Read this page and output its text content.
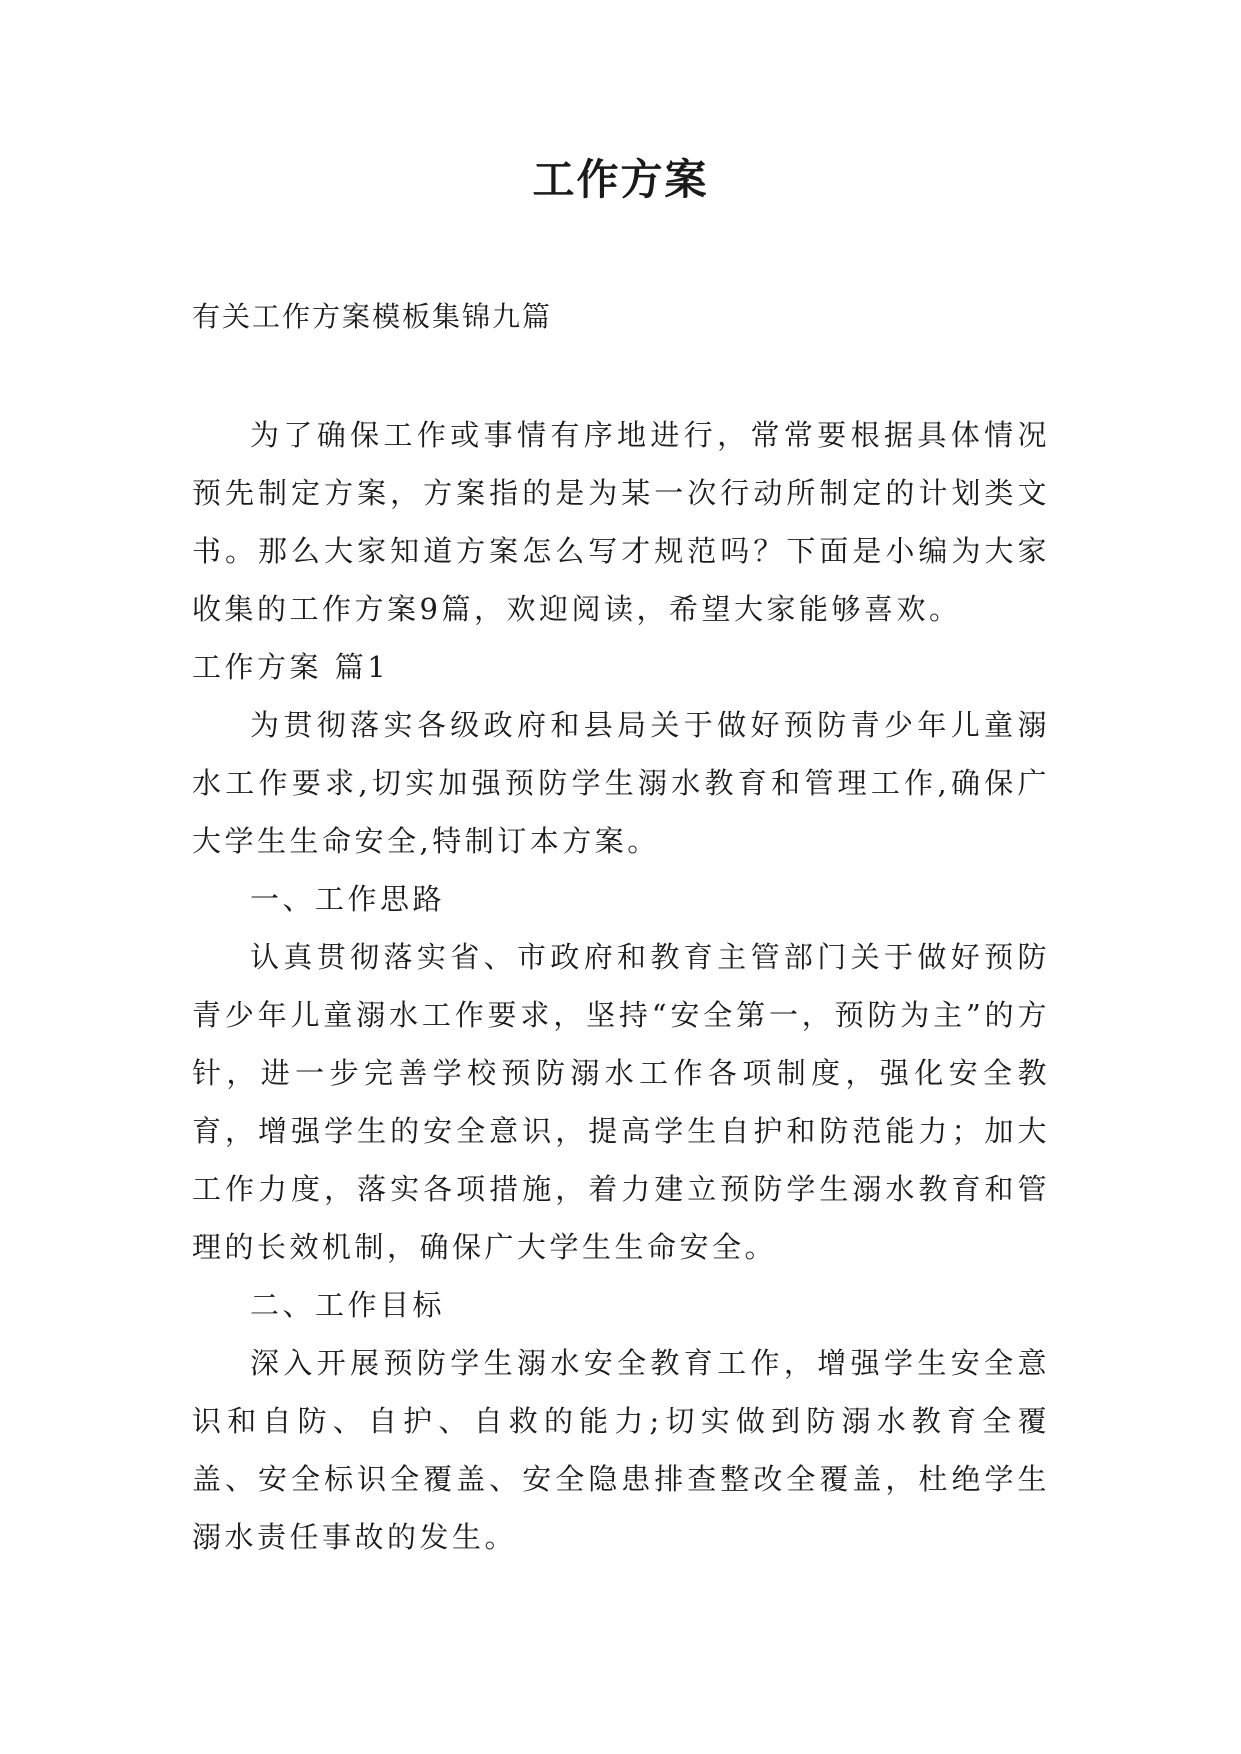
工作方案

有关工作方案模板集锦九篇

为了确保工作或事情有序地进行，常常要根据具体情况预先制定方案，方案指的是为某一次行动所制定的计划类文书。那么大家知道方案怎么写才规范吗？下面是小编为大家收集的工作方案9篇，欢迎阅读，希望大家能够喜欢。

工作方案 篇1

为贯彻落实各级政府和县局关于做好预防青少年儿童溺水工作要求,切实加强预防学生溺水教育和管理工作,确保广大学生生命安全,特制订本方案。

一、工作思路

认真贯彻落实省、市政府和教育主管部门关于做好预防青少年儿童溺水工作要求，坚持“安全第一，预防为主”的方针，进一步完善学校预防溺水工作各项制度，强化安全教育，增强学生的安全意识，提高学生自护和防范能力；加大工作力度，落实各项措施，着力建立预防学生溺水教育和管理的长效机制，确保广大学生生命安全。

二、工作目标

深入开展预防学生溺水安全教育工作，增强学生安全意识和自防、自护、自救的能力;切实做到防溺水教育全覆盖、安全标识全覆盖、安全隐患排查整改全覆盖，杜绝学生溺水责任事故的发生。
